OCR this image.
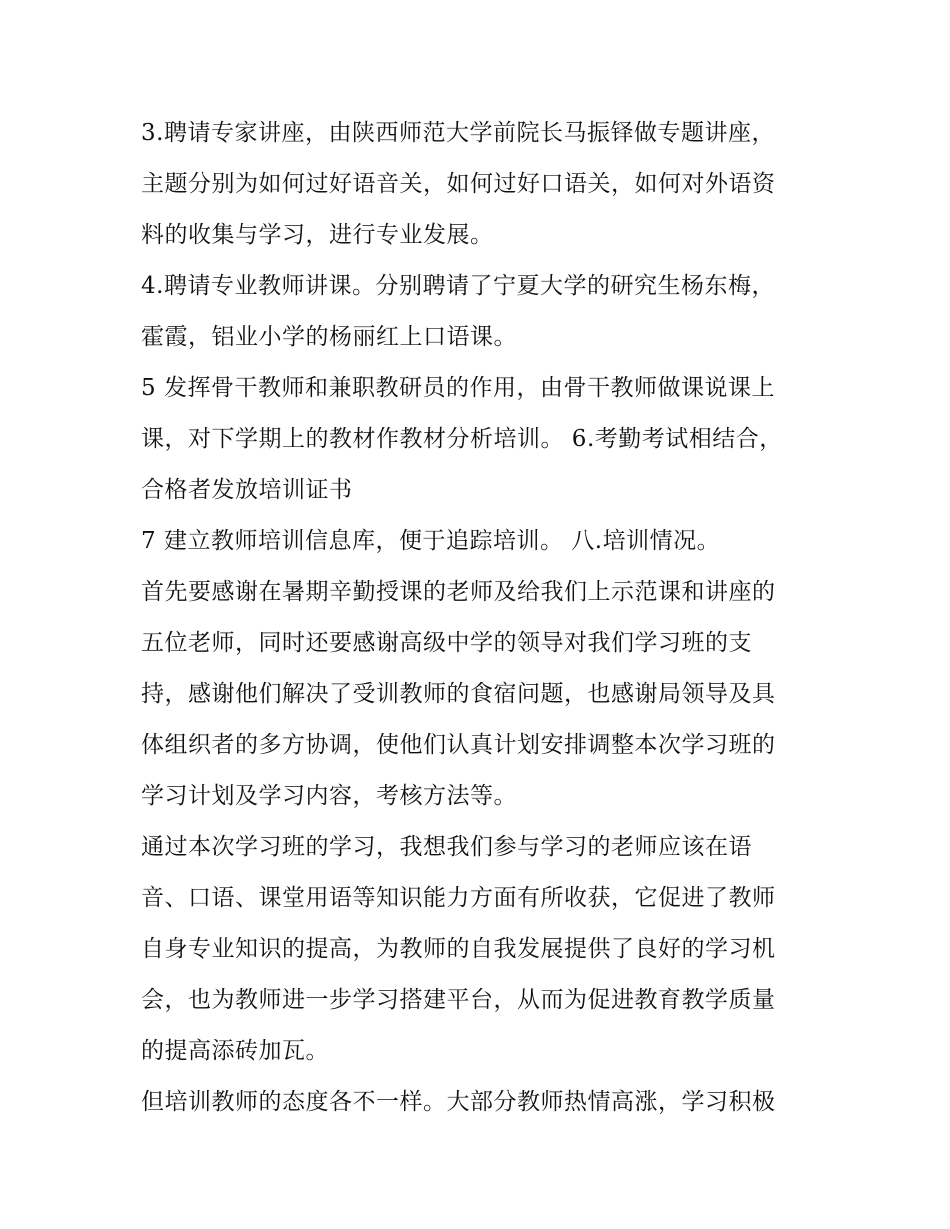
3.聘请专家讲座，由陕西师范大学前院长马振铎做专题讲座，
主题分别为如何过好语音关，如何过好口语关，如何对外语资
料的收集与学习，进行专业发展。
4.聘请专业教师讲课。分别聘请了宁夏大学的研究生杨东梅，
霍霞，铝业小学的杨丽红上口语课。
5 发挥骨干教师和兼职教研员的作用，由骨干教师做课说课上
课，对下学期上的教材作教材分析培训。 6.考勤考试相结合，
合格者发放培训证书
7 建立教师培训信息库，便于追踪培训。 八.培训情况。
首先要感谢在暑期辛勤授课的老师及给我们上示范课和讲座的
五位老师，同时还要感谢高级中学的领导对我们学习班的支
持，感谢他们解决了受训教师的食宿问题，也感谢局领导及具
体组织者的多方协调，使他们认真计划安排调整本次学习班的
学习计划及学习内容，考核方法等。
通过本次学习班的学习，我想我们参与学习的老师应该在语
音、口语、课堂用语等知识能力方面有所收获，它促进了教师
自身专业知识的提高，为教师的自我发展提供了良好的学习机
会，也为教师进一步学习搭建平台，从而为促进教育教学质量
的提高添砖加瓦。
但培训教师的态度各不一样。大部分教师热情高涨，学习积极
